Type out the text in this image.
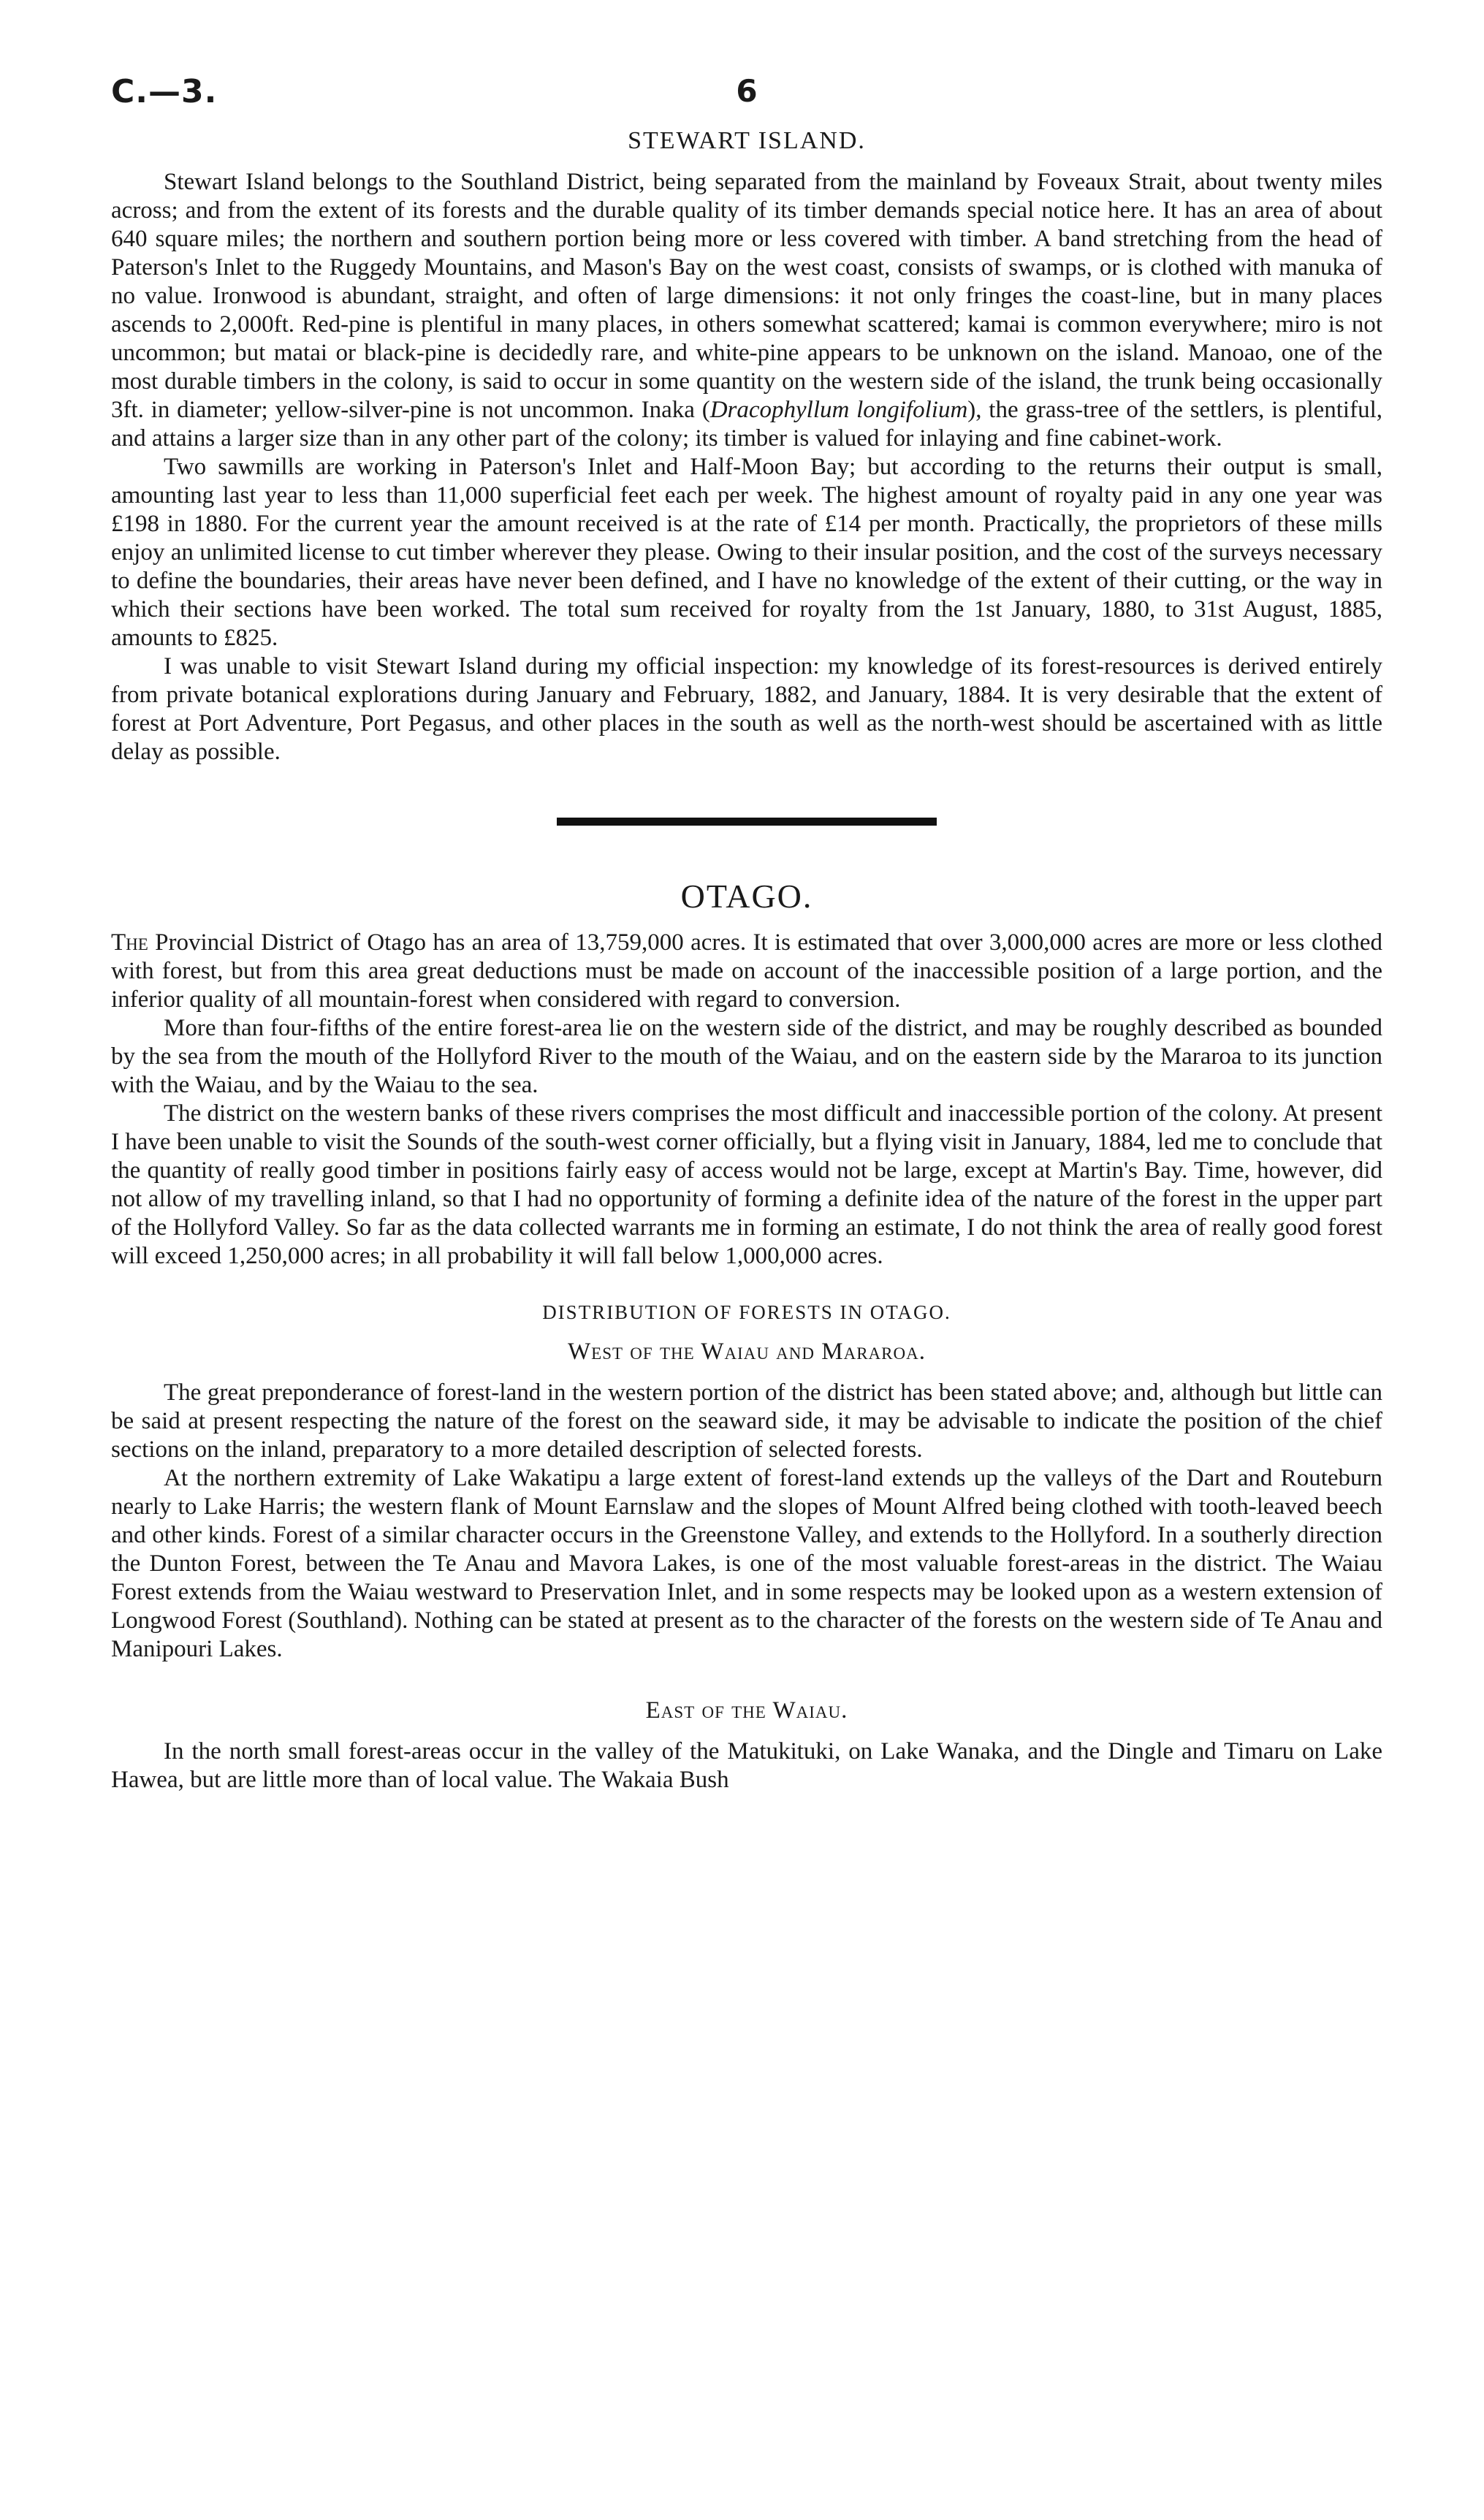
C.—3.	6
STEWART ISLAND.

Stewart Island belongs to the Southland District, being separated from the mainland by Foveaux Strait, about twenty miles across; and from the extent of its forests and the durable quality of its timber demands special notice here. It has an area of about 640 square miles; the northern and southern portion being more or less covered with timber. A band stretching from the head of Paterson's Inlet to the Ruggedy Mountains, and Mason's Bay on the west coast, consists of swamps, or is clothed with manuka of no value. Ironwood is abundant, straight, and often of large dimensions: it not only fringes the coast-line, but in many places ascends to 2,000ft. Red-pine is plentiful in many places, in others somewhat scattered; kamai is common everywhere; miro is not uncommon; but matai or black-pine is decidedly rare, and white-pine appears to be unknown on the island. Manoao, one of the most durable timbers in the colony, is said to occur in some quantity on the western side of the island, the trunk being occasionally 3ft. in diameter; yellow-silver-pine is not uncommon. Inaka (Dracophyllum longifolium), the grass-tree of the settlers, is plentiful, and attains a larger size than in any other part of the colony; its timber is valued for inlaying and fine cabinet-work.

Two sawmills are working in Paterson's Inlet and Half-Moon Bay; but according to the returns their output is small, amounting last year to less than 11,000 superficial feet each per week. The highest amount of royalty paid in any one year was £198 in 1880. For the current year the amount received is at the rate of £14 per month. Practically, the proprietors of these mills enjoy an unlimited license to cut timber wherever they please. Owing to their insular position, and the cost of the surveys necessary to define the boundaries, their areas have never been defined, and I have no knowledge of the extent of their cutting, or the way in which their sections have been worked. The total sum received for royalty from the 1st January, 1880, to 31st August, 1885, amounts to £825.

I was unable to visit Stewart Island during my official inspection: my knowledge of its forest-resources is derived entirely from private botanical explorations during January and February, 1882, and January, 1884. It is very desirable that the extent of forest at Port Adventure, Port Pegasus, and other places in the south as well as the north-west should be ascertained with as little delay as possible.

OTAGO.

The Provincial District of Otago has an area of 13,759,000 acres. It is estimated that over 3,000,000 acres are more or less clothed with forest, but from this area great deductions must be made on account of the inaccessible position of a large portion, and the inferior quality of all mountain-forest when considered with regard to conversion.

More than four-fifths of the entire forest-area lie on the western side of the district, and may be roughly described as bounded by the sea from the mouth of the Hollyford River to the mouth of the Waiau, and on the eastern side by the Mararoa to its junction with the Waiau, and by the Waiau to the sea.

The district on the western banks of these rivers comprises the most difficult and inaccessible portion of the colony. At present I have been unable to visit the Sounds of the south-west corner officially, but a flying visit in January, 1884, led me to conclude that the quantity of really good timber in positions fairly easy of access would not be large, except at Martin's Bay. Time, however, did not allow of my travelling inland, so that I had no opportunity of forming a definite idea of the nature of the forest in the upper part of the Hollyford Valley. So far as the data collected warrants me in forming an estimate, I do not think the area of really good forest will exceed 1,250,000 acres; in all probability it will fall below 1,000,000 acres.

DISTRIBUTION OF FORESTS IN OTAGO.
West of the Waiau and Mararoa.

The great preponderance of forest-land in the western portion of the district has been stated above; and, although but little can be said at present respecting the nature of the forest on the seaward side, it may be advisable to indicate the position of the chief sections on the inland, preparatory to a more detailed description of selected forests.

At the northern extremity of Lake Wakatipu a large extent of forest-land extends up the valleys of the Dart and Routeburn nearly to Lake Harris; the western flank of Mount Earnslaw and the slopes of Mount Alfred being clothed with tooth-leaved beech and other kinds. Forest of a similar character occurs in the Greenstone Valley, and extends to the Hollyford. In a southerly direction the Dunton Forest, between the Te Anau and Mavora Lakes, is one of the most valuable forest-areas in the district. The Waiau Forest extends from the Waiau westward to Preservation Inlet, and in some respects may be looked upon as a western extension of Longwood Forest (Southland). Nothing can be stated at present as to the character of the forests on the western side of Te Anau and Manipouri Lakes.

East of the Waiau.

In the north small forest-areas occur in the valley of the Matukituki, on Lake Wanaka, and the Dingle and Timaru on Lake Hawea, but are little more than of local value. The Wakaia Bush
